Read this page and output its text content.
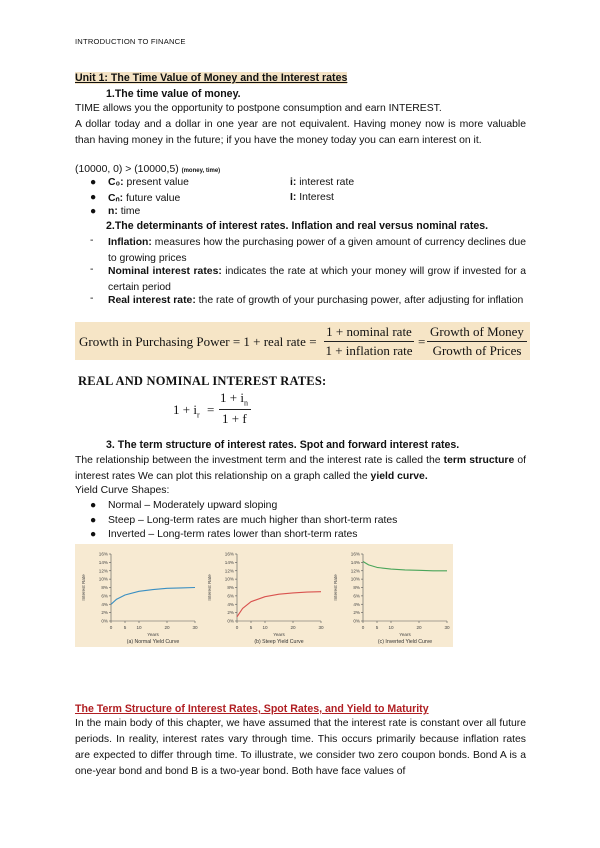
INTRODUCTION TO FINANCE
Unit 1: The Time Value of Money and the Interest rates
1.The time value of money.
TIME allows you the opportunity to postpone consumption and earn INTEREST.
A dollar today and a dollar in one year are not equivalent. Having money now is more valuable than having money in the future; if you have the money today you can earn interest on it.
(10000, 0) > (10000,5) (money, time)
● C₀: present value	i: interest rate
● Cₙ: future value	I: Interest
● n: time
2.The determinants of interest rates. Inflation and real versus nominal rates.
- Inflation: measures how the purchasing power of a given amount of currency declines due to growing prices
- Nominal interest rates: indicates the rate at which your money will grow if invested for a certain period
- Real interest rate: the rate of growth of your purchasing power, after adjusting for inflation
Growth in Purchasing Power = 1 + real rate =
1 + nominal rate
1 + inflation rate
=
Growth of Money
Growth of Prices
REAL AND NOMINAL INTEREST RATES:
$1 + i_r$ =
$1 + i_n$
1 + f
3. The term structure of interest rates. Spot and forward interest rates.
The relationship between the investment term and the interest rate is called the term structure of interest rates We can plot this relationship on a graph called the yield curve.
Yield Curve Shapes:
● Normal – Moderately upward sloping
● Steep – Long-term rates are much higher than short-term rates
● Inverted – Long-term rates lower than short-term rates
0%
2%
4%
6%
8%
10%
12%
14%
16%
0 5 10	20	30
Years
Interest Rate
(a) Normal Yield Curve
0%
2%
4%
6%
8%
10%
12%
14%
16%
0 5 10	20	30
Years
Interest Rate
(b) Steep Yield Curve
0%
2%
4%
6%
8%
10%
12%
14%
16%
0 5 10	20	30
Years
Interest Rate
(c) Inverted Yield Curve
The Term Structure of Interest Rates, Spot Rates, and Yield to Maturity
In the main body of this chapter, we have assumed that the interest rate is constant over all future periods. In reality, interest rates vary through time. This occurs primarily because inflation rates are expected to differ through time. To illustrate, we consider two zero coupon bonds. Bond A is a one-year bond and bond B is a two-year bond. Both have face values of
